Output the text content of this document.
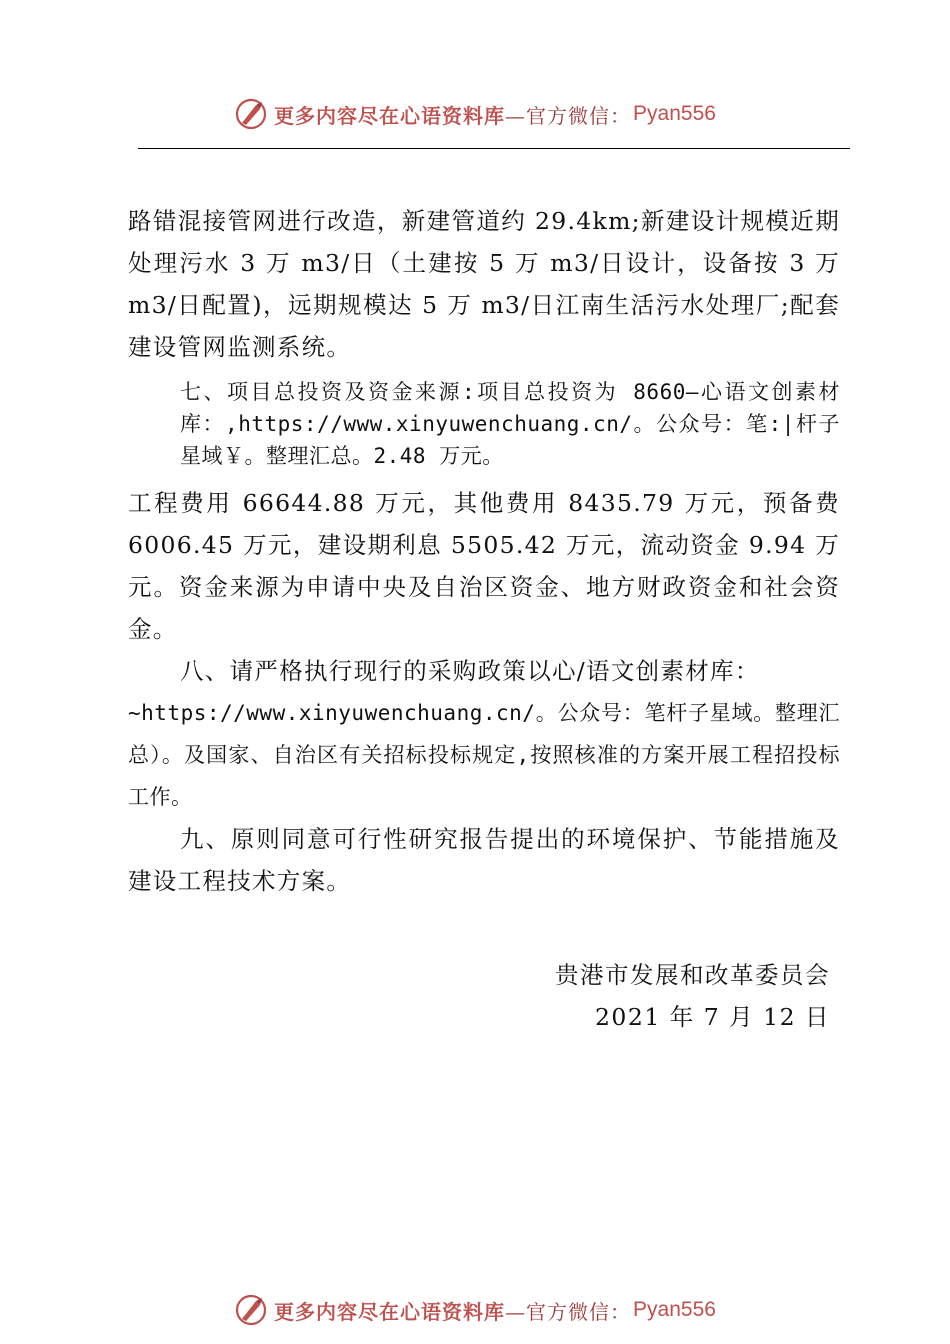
更多内容尽在心语资料库 —官方微信： Pyan556

路错混接管网进行改造，新建管道约 29.4km;新建设计规模近期处理污水 3 万 m3/日（土建按 5 万 m3/日设计，设备按 3 万 m3/日配置)，远期规模达 5 万 m3/日江南生活污水处理厂;配套建设管网监测系统。

七、项目总投资及资金来源:项目总投资为 8660—心语文创素材库：,https://www.xinyuwenchuang.cn/。公众号：笔:|杆子星域￥。整理汇总。2.48 万元。

工程费用 66644.88 万元，其他费用 8435.79 万元，预备费 6006.45 万元，建设期利息 5505.42 万元，流动资金 9.94 万元。资金来源为申请中央及自治区资金、地方财政资金和社会资金。

八、请严格执行现行的采购政策以心/语文创素材库：

~https://www.xinyuwenchuang.cn/。公众号：笔杆子星域。整理汇总）。及国家、自治区有关招标投标规定,按照核准的方案开展工程招投标工作。

九、原则同意可行性研究报告提出的环境保护、节能措施及建设工程技术方案。

贵港市发展和改革委员会
2021 年 7 月 12 日
更多内容尽在心语资料库 —官方微信： Pyan556
